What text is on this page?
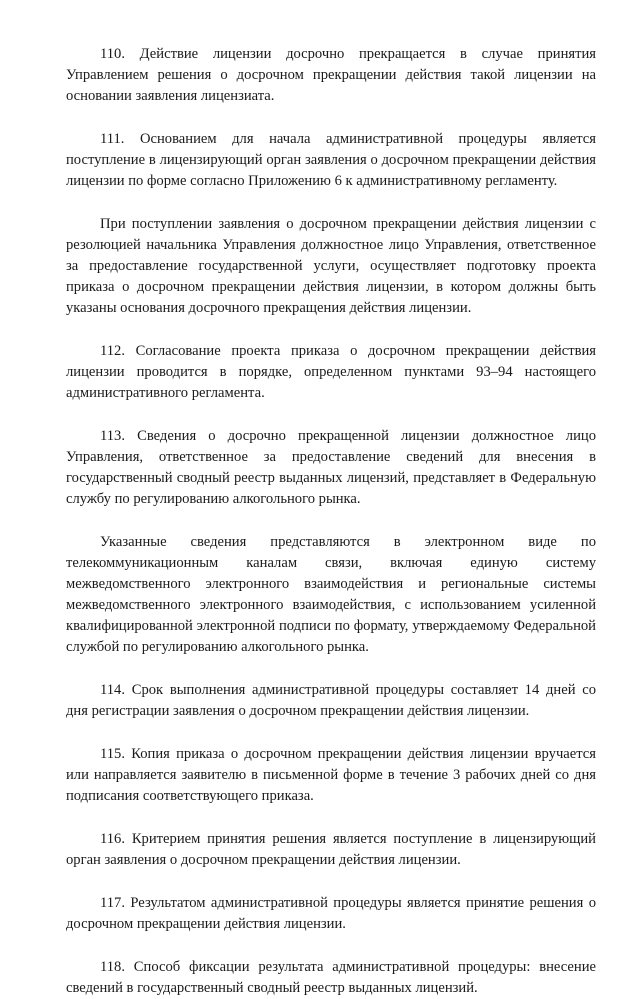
110. Действие лицензии досрочно прекращается в случае принятия Управлением решения о досрочном прекращении действия такой лицензии на основании заявления лицензиата.

111. Основанием для начала административной процедуры является поступление в лицензирующий орган заявления о досрочном прекращении действия лицензии по форме согласно Приложению 6 к административному регламенту.

При поступлении заявления о досрочном прекращении действия лицензии с резолюцией начальника Управления должностное лицо Управления, ответственное за предоставление государственной услуги, осуществляет подготовку проекта приказа о досрочном прекращении действия лицензии, в котором должны быть указаны основания досрочного прекращения действия лицензии.

112. Согласование проекта приказа о досрочном прекращении действия лицензии проводится в порядке, определенном пунктами 93–94 настоящего административного регламента.

113. Сведения о досрочно прекращенной лицензии должностное лицо Управления, ответственное за предоставление сведений для внесения в государственный сводный реестр выданных лицензий, представляет в Федеральную службу по регулированию алкогольного рынка.

Указанные сведения представляются в электронном виде по телекоммуникационным каналам связи, включая единую систему межведомственного электронного взаимодействия и региональные системы межведомственного электронного взаимодействия, с использованием усиленной квалифицированной электронной подписи по формату, утверждаемому Федеральной службой по регулированию алкогольного рынка.

114. Срок выполнения административной процедуры составляет 14 дней со дня регистрации заявления о досрочном прекращении действия лицензии.

115. Копия приказа о досрочном прекращении действия лицензии вручается или направляется заявителю в письменной форме в течение 3 рабочих дней со дня подписания соответствующего приказа.

116. Критерием принятия решения является поступление в лицензирующий орган заявления о досрочном прекращении действия лицензии.

117. Результатом административной процедуры является принятие решения о досрочном прекращении действия лицензии.

118. Способ фиксации результата административной процедуры: внесение сведений в государственный сводный реестр выданных лицензий.
